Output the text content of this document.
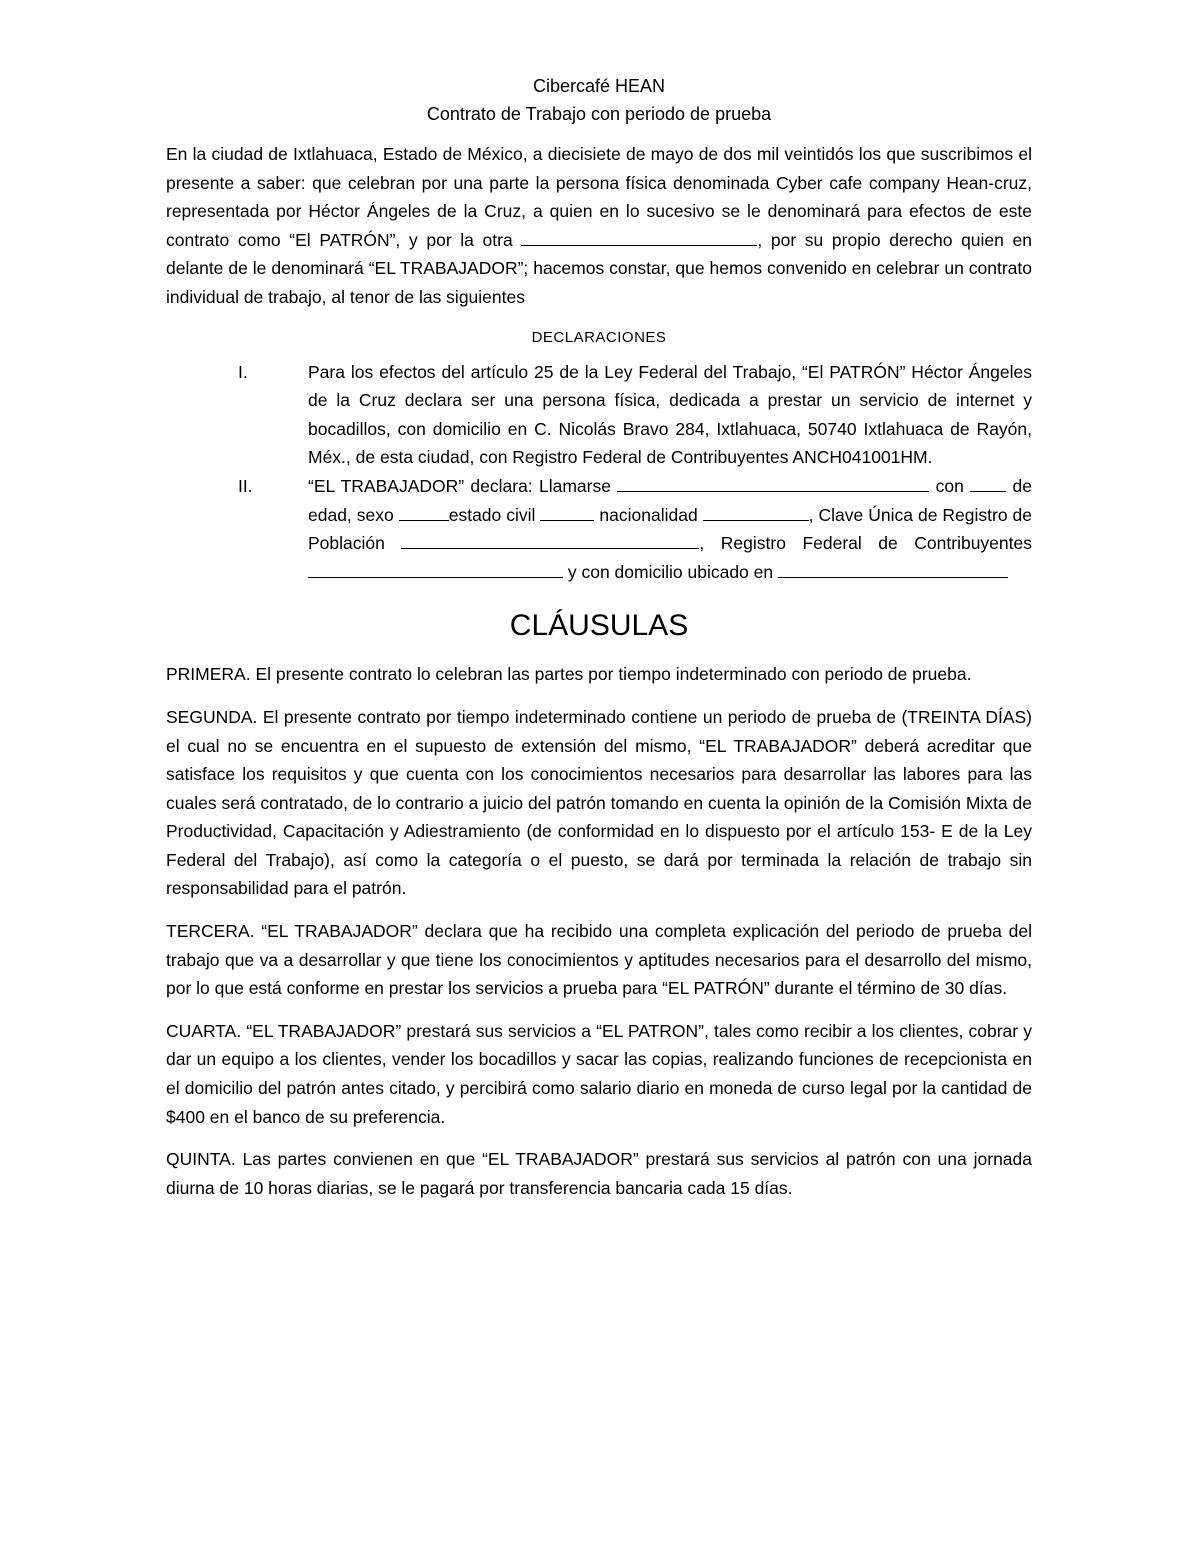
Cibercafé HEAN

Contrato de Trabajo con periodo de prueba

En la ciudad de Ixtlahuaca, Estado de México, a diecisiete de mayo de dos mil veintidós los que suscribimos el presente a saber: que celebran por una parte la persona física denominada Cyber cafe company Hean-cruz, representada por Héctor Ángeles de la Cruz, a quien en lo sucesivo se le denominará para efectos de este contrato como “El PATRÓN”, y por la otra	, por su propio derecho quien en delante de le denominará “EL TRABAJADOR”; hacemos constar, que hemos convenido en celebrar un contrato individual de trabajo, al tenor de las siguientes

DECLARACIONES

I.	Para los efectos del artículo 25 de la Ley Federal del Trabajo, “El PATRÓN” Héctor Ángeles de la Cruz declara ser una persona física, dedicada a prestar un servicio de internet y bocadillos, con domicilio en C. Nicolás Bravo 284, Ixtlahuaca, 50740 Ixtlahuaca de Rayón, Méx., de esta ciudad, con Registro Federal de Contribuyentes ANCH041001HM.
II.	“EL TRABAJADOR” declara: Llamarse	con  de edad, sexo	estado civil	nacionalidad	, Clave Única de Registro de Población	, Registro Federal de Contribuyentes y con domicilio ubicado en
CLÁUSULAS

PRIMERA. El presente contrato lo celebran las partes por tiempo indeterminado con periodo de prueba.

SEGUNDA. El presente contrato por tiempo indeterminado contiene un periodo de prueba de (TREINTA DÍAS) el cual no se encuentra en el supuesto de extensión del mismo, “EL TRABAJADOR” deberá acreditar que satisface los requisitos y que cuenta con los conocimientos necesarios para desarrollar las labores para las cuales será contratado, de lo contrario a juicio del patrón tomando en cuenta la opinión de la Comisión Mixta de Productividad, Capacitación y Adiestramiento (de conformidad en lo dispuesto por el artículo 153- E de la Ley Federal del Trabajo), así como la categoría o el puesto, se dará por terminada la relación de trabajo sin responsabilidad para el patrón.

TERCERA. “EL TRABAJADOR” declara que ha recibido una completa explicación del periodo de prueba del trabajo que va a desarrollar y que tiene los conocimientos y aptitudes necesarios para el desarrollo del mismo, por lo que está conforme en prestar los servicios a prueba para “EL PATRÓN” durante el término de 30 días.

CUARTA. “EL TRABAJADOR” prestará sus servicios a “EL PATRON”, tales como recibir a los clientes, cobrar y dar un equipo a los clientes, vender los bocadillos y sacar las copias, realizando funciones de recepcionista en el domicilio del patrón antes citado, y percibirá como salario diario en moneda de curso legal por la cantidad de $400 en el banco de su preferencia.

QUINTA. Las partes convienen en que “EL TRABAJADOR” prestará sus servicios al patrón con una jornada diurna de 10 horas diarias, se le pagará por transferencia bancaria cada 15 días.
